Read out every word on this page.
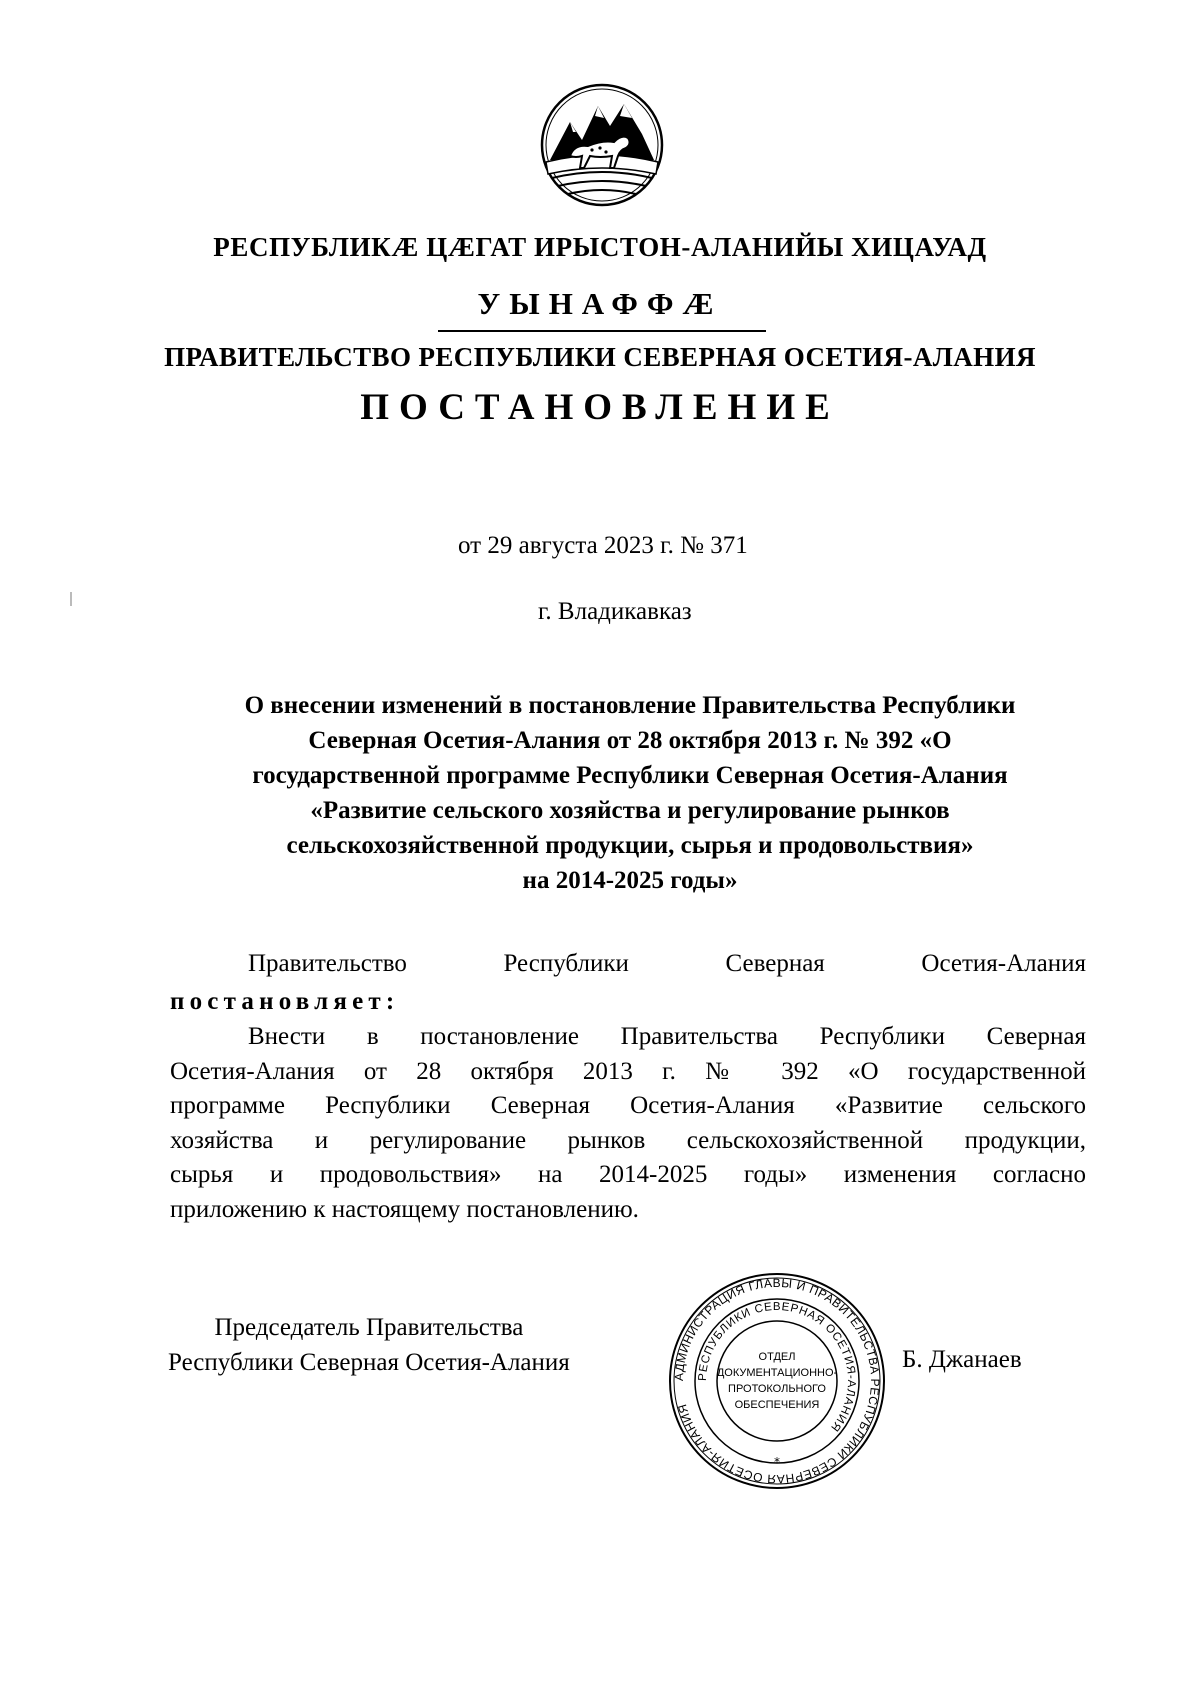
РЕСПУБЛИКӔ ЦӔГАТ ИРЫСТОН-АЛАНИЙЫ ХИЦАУАД
УЫНАФФӔ
ПРАВИТЕЛЬСТВО РЕСПУБЛИКИ СЕВЕРНАЯ ОСЕТИЯ-АЛАНИЯ
ПОСТАНОВЛЕНИЕ
от 29 августа 2023 г. № 371
г. Владикавказ
О внесении изменений в постановление Правительства Республики
Северная Осетия-Алания от 28 октября 2013 г. № 392 «О
государственной программе Республики Северная Осетия-Алания
«Развитие сельского хозяйства и регулирование рынков
сельскохозяйственной продукции, сырья и продовольствия»
на 2014-2025 годы»
Правительство	Республики	Северная	Осетия-Алания
постановляет:
Внести в постановление Правительства Республики Северная
Осетия-Алания от 28 октября 2013 г. № 392 «О государственной
программе Республики Северная Осетия-Алания «Развитие сельского
хозяйства и регулирование рынков сельскохозяйственной продукции,
сырья и продовольствия» на 2014-2025 годы» изменения согласно
приложению к настоящему постановлению.
Председатель Правительства
Республики Северная Осетия-Алания
АДМИНИСТРАЦИЯ ГЛАВЫ И ПРАВИТЕЛЬСТВА РЕСПУБЛИКИ СЕВЕРНАЯ ОСЕТИЯ-АЛАНИЯ
РЕСПУБЛИКИ СЕВЕРНАЯ ОСЕТИЯ-АЛАНИЯ
ОТДЕЛ
ДОКУМЕНТАЦИОННО-
ПРОТОКОЛЬНОГО
ОБЕСПЕЧЕНИЯ
*
Б. Джанаев
